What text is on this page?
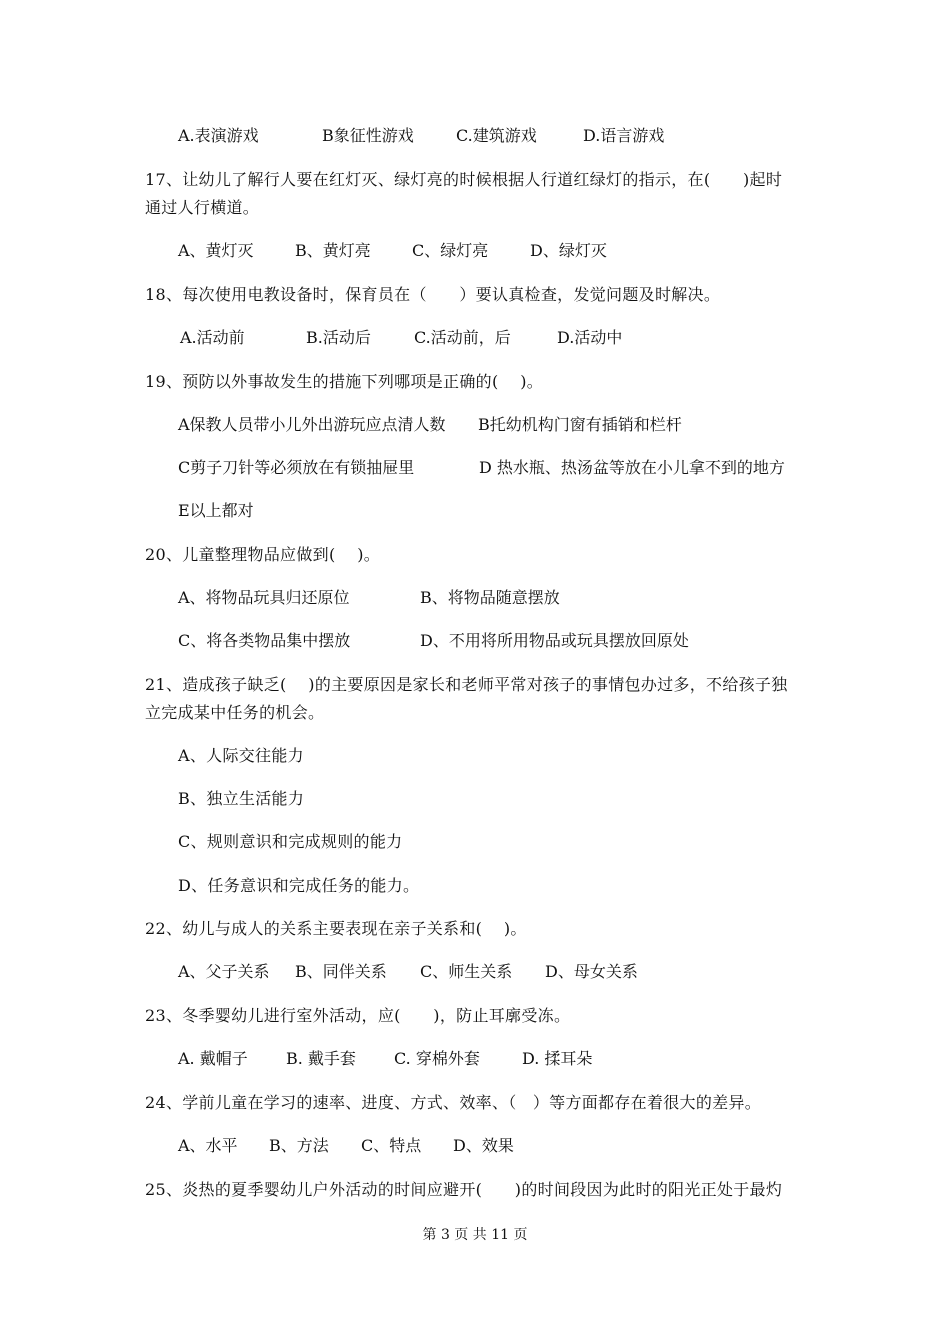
A.表演游戏	B象征性游戏	C.建筑游戏	D.语言游戏
17、让幼儿了解行人要在红灯灭、绿灯亮的时候根据人行道红绿灯的指示，在(　　)起时
通过人行横道。
A、黄灯灭	B、黄灯亮	C、绿灯亮	D、绿灯灭
18、每次使用电教设备时，保育员在（　　）要认真检查，发觉问题及时解决。
A.活动前	B.活动后	C.活动前，后	D.活动中
19、预防以外事故发生的措施下列哪项是正确的(　 )。
A保教人员带小儿外出游玩应点清人数 B托幼机构门窗有插销和栏杆
C剪子刀针等必须放在有锁抽屉里	D 热水瓶、热汤盆等放在小儿拿不到的地方
E以上都对
20、儿童整理物品应做到(　 )。
A、将物品玩具归还原位	B、将物品随意摆放
C、将各类物品集中摆放	D、不用将所用物品或玩具摆放回原处
21、造成孩子缺乏(　 )的主要原因是家长和老师平常对孩子的事情包办过多，不给孩子独
立完成某中任务的机会。
A、人际交往能力
B、独立生活能力
C、规则意识和完成规则的能力
D、任务意识和完成任务的能力。
22、幼儿与成人的关系主要表现在亲子关系和(　 )。
A、父子关系 B、同伴关系 C、师生关系 D、母女关系
23、冬季婴幼儿进行室外活动，应(　　)，防止耳廓受冻。
A. 戴帽子 B. 戴手套 C. 穿棉外套	D. 揉耳朵
24、学前儿童在学习的速率、进度、方式、效率、（　）等方面都存在着很大的差异。
A、水平 B、方法 C、特点 D、效果
25、炎热的夏季婴幼儿户外活动的时间应避开(　　)的时间段因为此时的阳光正处于最灼
第 3 页 共 11 页
